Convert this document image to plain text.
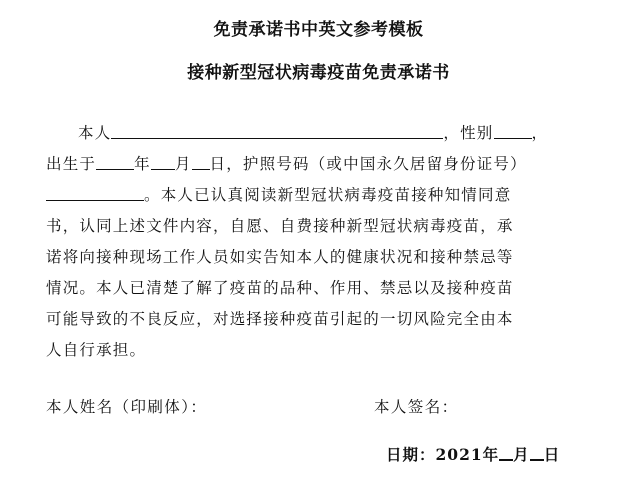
免责承诺书中英文参考模板
接种新型冠状病毒疫苗免责承诺书
本人	，性别 ，
出生于 年 月 日，护照号码（或中国永久居留身份证号）
。本人已认真阅读新型冠状病毒疫苗接种知情同意
书，认同上述文件内容，自愿、自费接种新型冠状病毒疫苗，承
诺将向接种现场工作人员如实告知本人的健康状况和接种禁忌等
情况。本人已清楚了解了疫苗的品种、作用、禁忌以及接种疫苗
可能导致的不良反应，对选择接种疫苗引起的一切风险完全由本
人自行承担。
本人姓名（印刷体）：	本人签名：
日期：2021年 月 日
